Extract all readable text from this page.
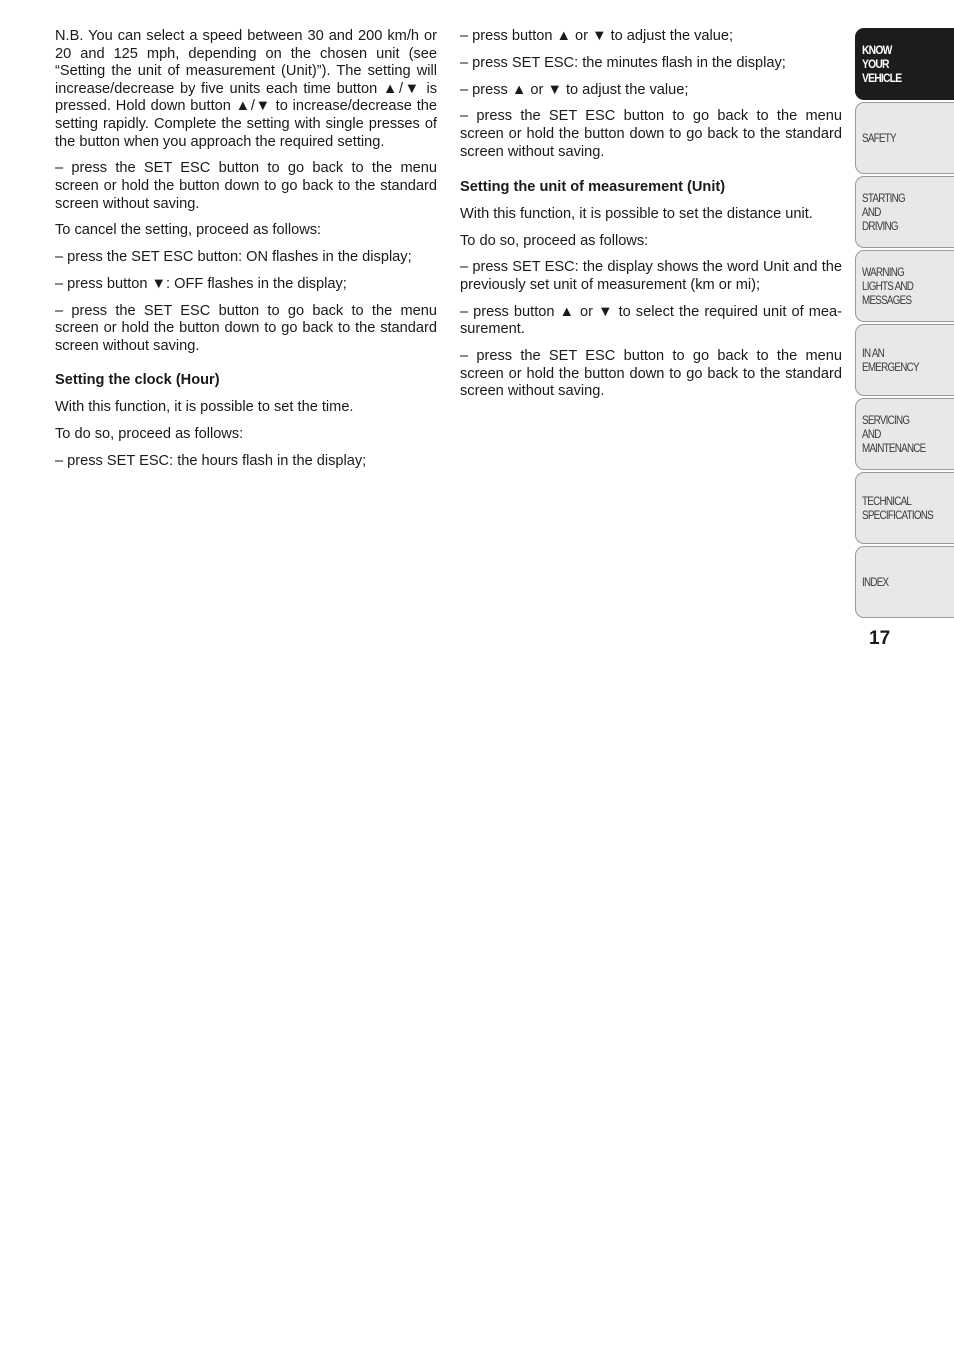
N.B. You can select a speed between 30 and 200 km/h or 20 and 125 mph, depending on the chosen unit (see “Setting the unit of measurement (Unit)”). The setting will increase/decrease by five units each time button ▲/▼ is pressed. Hold down button ▲/▼ to increase/decrease the setting rapidly. Complete the setting with single presses of the button when you approach the required setting.

– press the SET ESC button to go back to the menu screen or hold the button down to go back to the standard screen without saving.

To cancel the setting, proceed as follows:

– press the SET ESC button: ON flashes in the display;

– press button ▼: OFF flashes in the display;

– press the SET ESC button to go back to the menu screen or hold the button down to go back to the standard screen without saving.

Setting the clock (Hour)

With this function, it is possible to set the time.

To do so, proceed as follows:

– press SET ESC: the hours flash in the display;

– press button ▲ or ▼ to adjust the value;

– press SET ESC: the minutes flash in the display;

– press ▲ or ▼ to adjust the value;

– press the SET ESC button to go back to the menu screen or hold the button down to go back to the standard screen without saving.

Setting the unit of measurement (Unit)

With this function, it is possible to set the distance unit.

To do so, proceed as follows:

– press SET ESC: the display shows the word Unit and the previously set unit of measurement (km or mi);

– press button ▲ or ▼ to select the required unit of mea-surement.

– press the SET ESC button to go back to the menu screen or hold the button down to go back to the standard screen without saving.

KNOW
YOUR
VEHICLE
SAFETY
STARTING
AND
DRIVING
WARNING
LIGHTS AND
MESSAGES
IN AN
EMERGENCY
SERVICING
AND
MAINTENANCE
TECHNICAL
SPECIFICATIONS
INDEX
17
